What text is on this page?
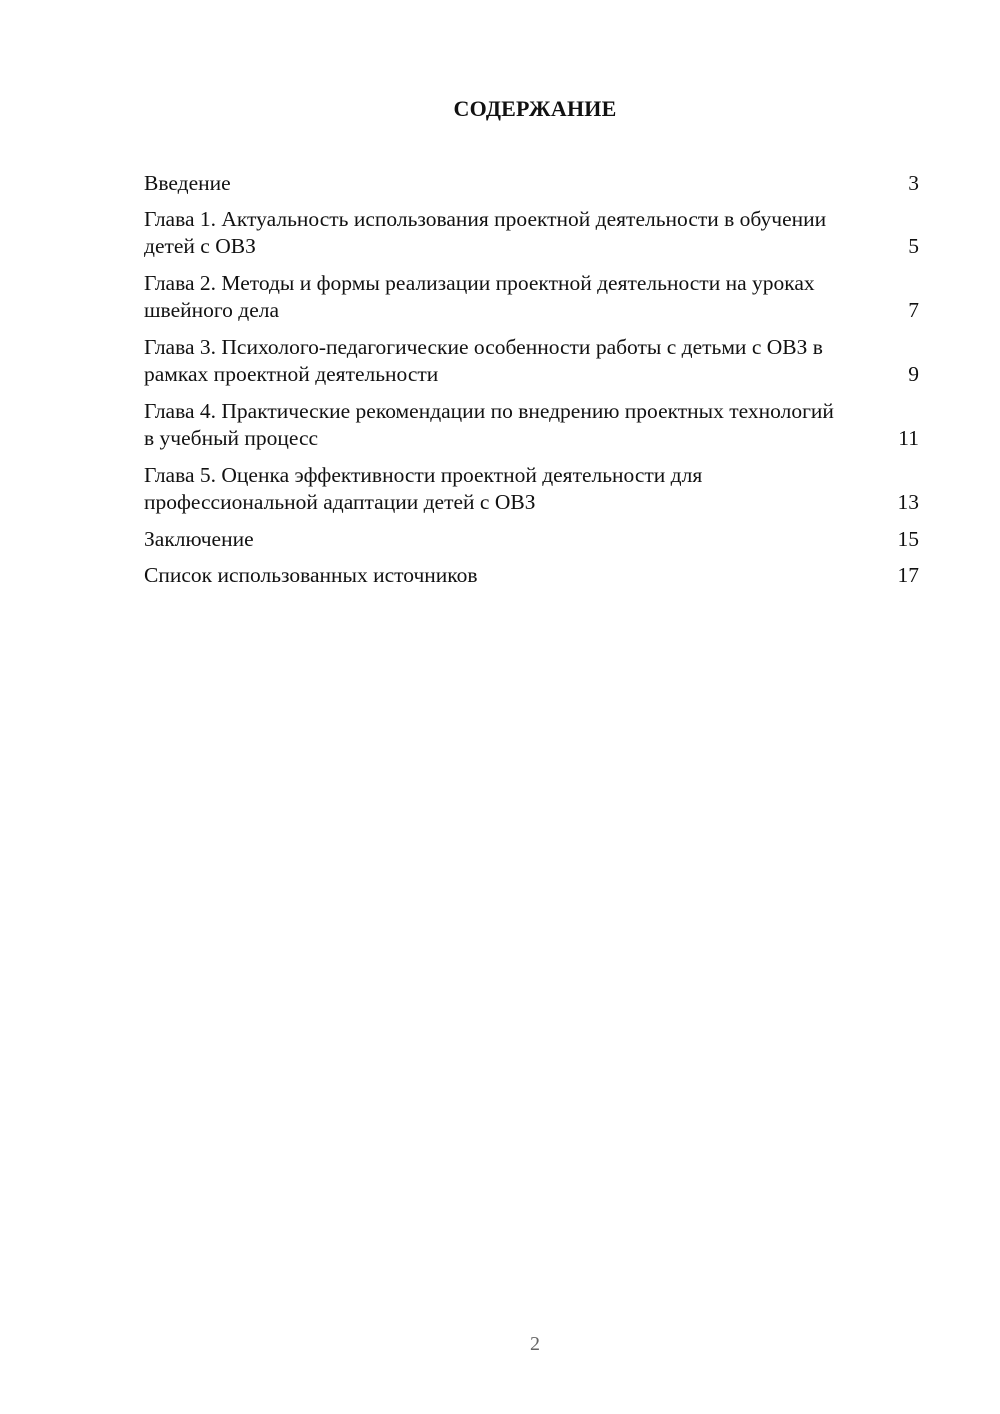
СОДЕРЖАНИЕ
Введение	3
Глава 1. Актуальность использования проектной деятельности в обучении детей с ОВЗ	5
Глава 2. Методы и формы реализации проектной деятельности на уроках швейного дела	7
Глава 3. Психолого-педагогические особенности работы с детьми с ОВЗ в рамках проектной деятельности	9
Глава 4. Практические рекомендации по внедрению проектных технологий в учебный процесс	11
Глава 5. Оценка эффективности проектной деятельности для профессиональной адаптации детей с ОВЗ	13
Заключение	15
Список использованных источников	17
2
